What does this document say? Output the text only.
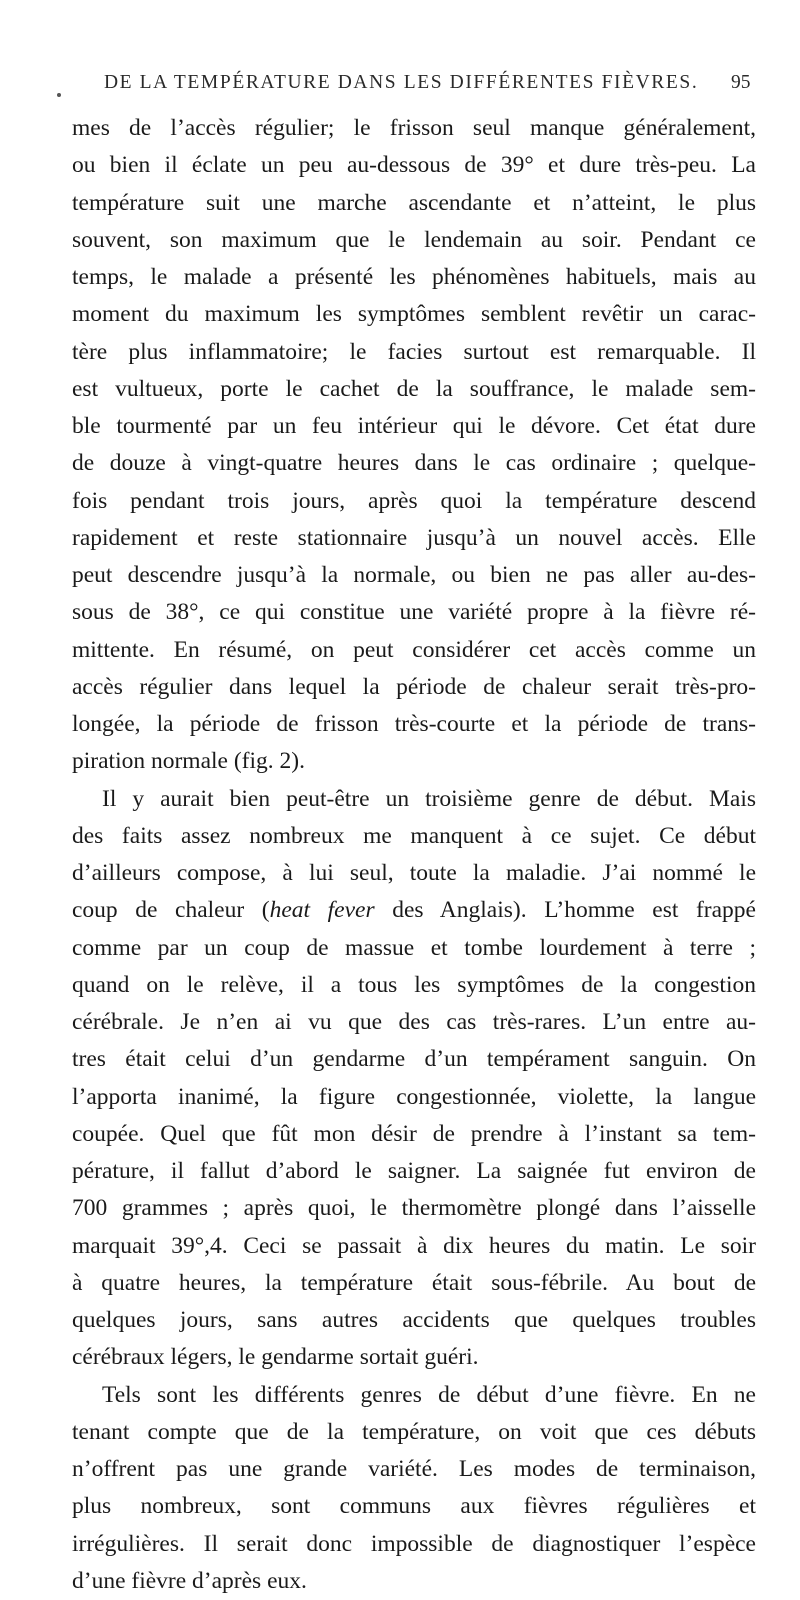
DE LA TEMPÉRATURE DANS LES DIFFÉRENTES FIÈVRES. 95
mes de l’accès régulier; le frisson seul manque généralement,
ou bien il éclate un peu au-dessous de 39° et dure très-peu. La
température suit une marche ascendante et n’atteint, le plus
souvent, son maximum que le lendemain au soir. Pendant ce
temps, le malade a présenté les phénomènes habituels, mais au
moment du maximum les symptômes semblent revêtir un carac-
tère plus inflammatoire; le facies surtout est remarquable. Il
est vultueux, porte le cachet de la souffrance, le malade sem-
ble tourmenté par un feu intérieur qui le dévore. Cet état dure
de douze à vingt-quatre heures dans le cas ordinaire ; quelque-
fois pendant trois jours, après quoi la température descend
rapidement et reste stationnaire jusqu’à un nouvel accès. Elle
peut descendre jusqu’à la normale, ou bien ne pas aller au-des-
sous de 38°, ce qui constitue une variété propre à la fièvre ré-
mittente. En résumé, on peut considérer cet accès comme un
accès régulier dans lequel la période de chaleur serait très-pro-
longée, la période de frisson très-courte et la période de trans-
piration normale (fig. 2).
Il y aurait bien peut-être un troisième genre de début. Mais
des faits assez nombreux me manquent à ce sujet. Ce début
d’ailleurs compose, à lui seul, toute la maladie. J’ai nommé le
coup de chaleur (heat fever des Anglais). L’homme est frappé
comme par un coup de massue et tombe lourdement à terre ;
quand on le relève, il a tous les symptômes de la congestion
cérébrale. Je n’en ai vu que des cas très-rares. L’un entre au-
tres était celui d’un gendarme d’un tempérament sanguin. On
l’apporta inanimé, la figure congestionnée, violette, la langue
coupée. Quel que fût mon désir de prendre à l’instant sa tem-
pérature, il fallut d’abord le saigner. La saignée fut environ de
700 grammes ; après quoi, le thermomètre plongé dans l’aisselle
marquait 39°,4. Ceci se passait à dix heures du matin. Le soir
à quatre heures, la température était sous-fébrile. Au bout de
quelques jours, sans autres accidents que quelques troubles
cérébraux légers, le gendarme sortait guéri.
Tels sont les différents genres de début d’une fièvre. En ne
tenant compte que de la température, on voit que ces débuts
n’offrent pas une grande variété. Les modes de terminaison,
plus nombreux, sont communs aux fièvres régulières et
irrégulières. Il serait donc impossible de diagnostiquer l’espèce
d’une fièvre d’après eux.
